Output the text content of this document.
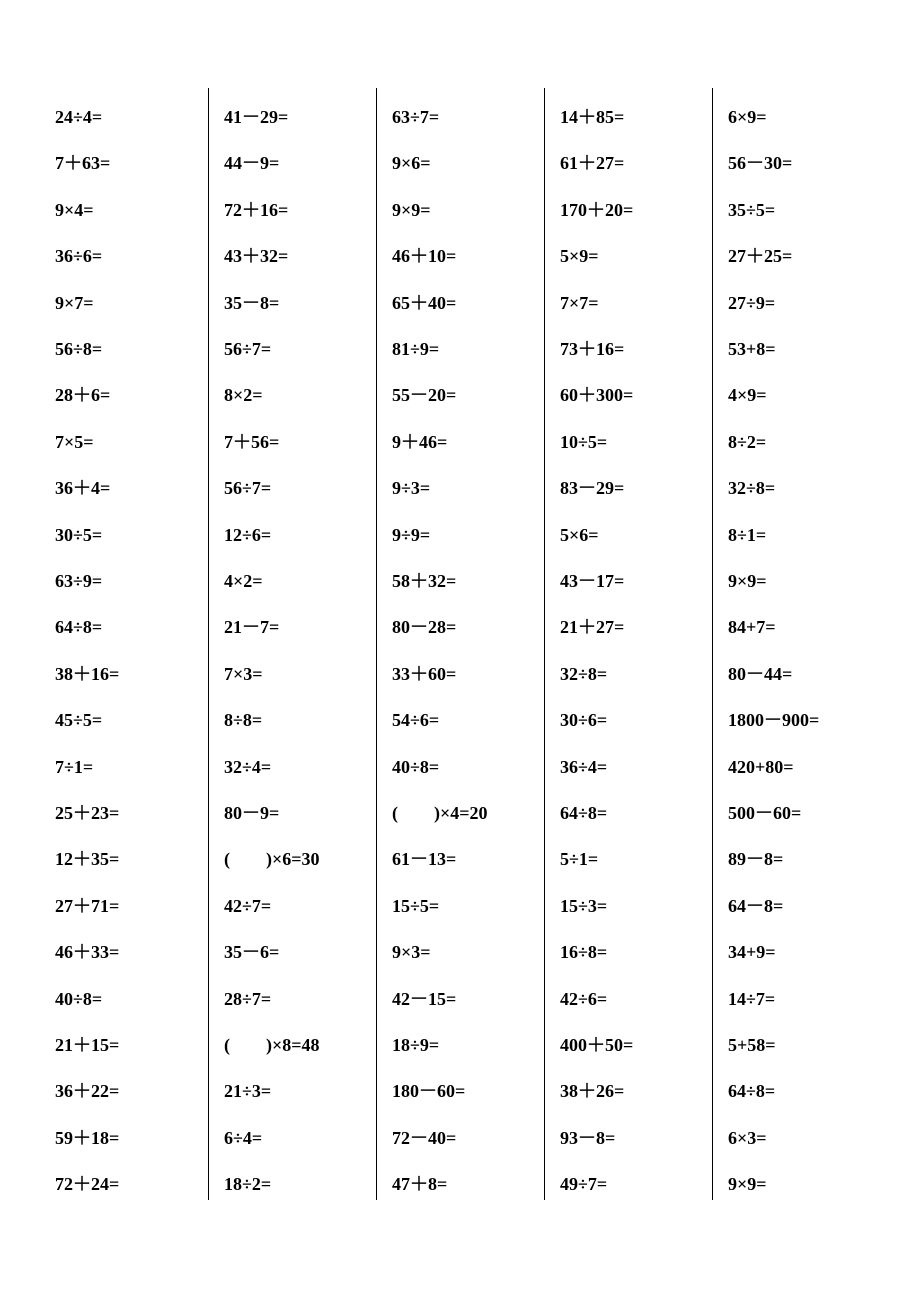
24÷4=
7＋63=
9×4=
36÷6=
9×7=
56÷8=
28＋6=
7×5=
36＋4=
30÷5=
63÷9=
64÷8=
38＋16=
45÷5=
7÷1=
25＋23=
12＋35=
27＋71=
46＋33=
40÷8=
21＋15=
36＋22=
59＋18=
72＋24=
41－29=
44－9=
72＋16=
43＋32=
35－8=
56÷7=
8×2=
7＋56=
56÷7=
12÷6=
4×2=
21－7=
7×3=
8÷8=
32÷4=
80－9=
(　　)×6=30
42÷7=
35－6=
28÷7=
(　　)×8=48
21÷3=
6÷4=
18÷2=
63÷7=
9×6=
9×9=
46＋10=
65＋40=
81÷9=
55－20=
9＋46=
9÷3=
9÷9=
58＋32=
80－28=
33＋60=
54÷6=
40÷8=
(　　)×4=20
61－13=
15÷5=
9×3=
42－15=
18÷9=
180－60=
72－40=
47＋8=
14＋85=
61＋27=
170＋20=
5×9=
7×7=
73＋16=
60＋300=
10÷5=
83－29=
5×6=
43－17=
21＋27=
32÷8=
30÷6=
36÷4=
64÷8=
5÷1=
15÷3=
16÷8=
42÷6=
400＋50=
38＋26=
93－8=
49÷7=
6×9=
56－30=
35÷5=
27＋25=
27÷9=
53+8=
4×9=
8÷2=
32÷8=
8÷1=
9×9=
84+7=
80－44=
1800－900=
420+80=
500－60=
89－8=
64－8=
34+9=
14÷7=
5+58=
64÷8=
6×3=
9×9=
